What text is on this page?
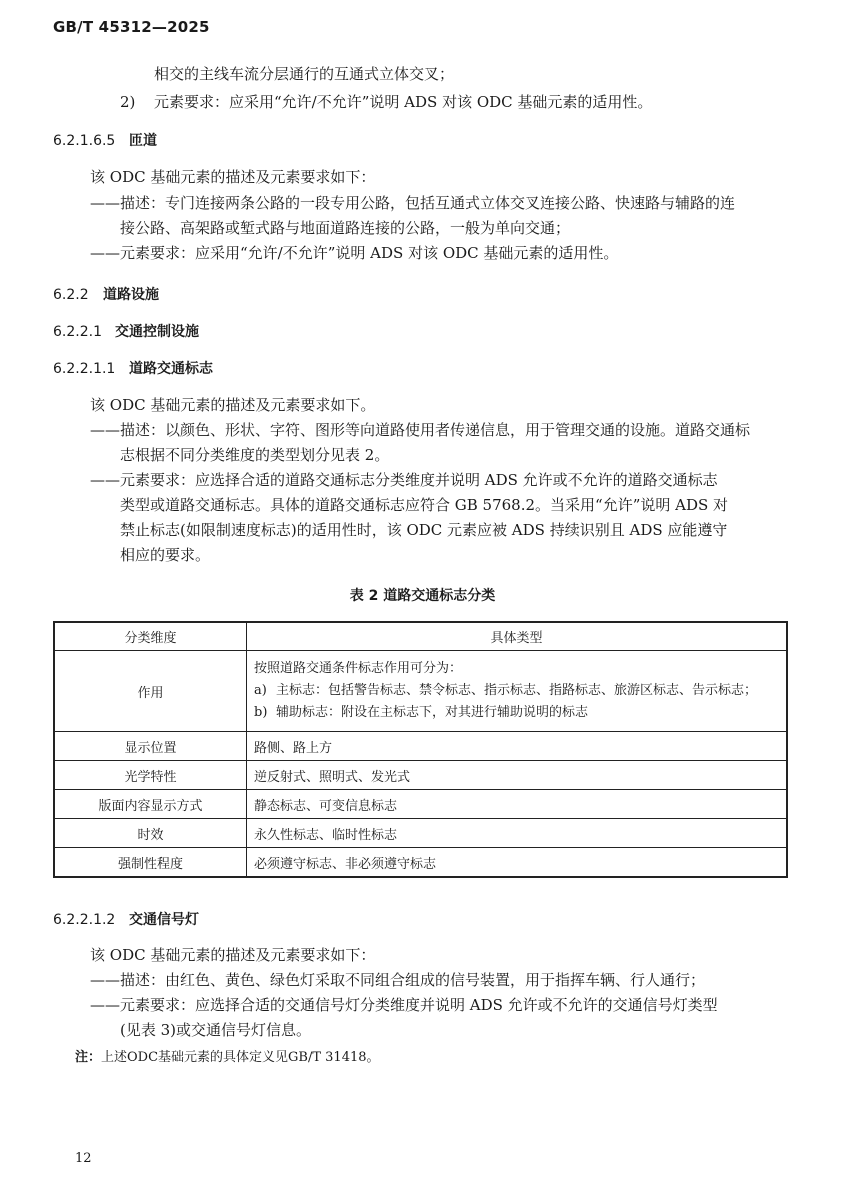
GB/T 45312—2025
相交的主线车流分层通行的互通式立体交叉；
2) 元素要求：应采用“允许/不允许”说明 ADS 对该 ODC 基础元素的适用性。
6.2.1.6.5 匝道
该 ODC 基础元素的描述及元素要求如下：
——描述：专门连接两条公路的一段专用公路，包括互通式立体交叉连接公路、快速路与辅路的连
接公路、高架路或堑式路与地面道路连接的公路，一般为单向交通；
——元素要求：应采用“允许/不允许”说明 ADS 对该 ODC 基础元素的适用性。
6.2.2 道路设施
6.2.2.1 交通控制设施
6.2.2.1.1 道路交通标志
该 ODC 基础元素的描述及元素要求如下。
——描述：以颜色、形状、字符、图形等向道路使用者传递信息，用于管理交通的设施。道路交通标
志根据不同分类维度的类型划分见表 2。
——元素要求：应选择合适的道路交通标志分类维度并说明 ADS 允许或不允许的道路交通标志
类型或道路交通标志。具体的道路交通标志应符合 GB 5768.2。当采用“允许”说明 ADS 对
禁止标志(如限制速度标志)的适用性时，该 ODC 元素应被 ADS 持续识别且 ADS 应能遵守
相应的要求。
表 2 道路交通标志分类
分类维度	具体类型
作用	按照道路交通条件标志作用可分为：
a) 主标志：包括警告标志、禁令标志、指示标志、指路标志、旅游区标志、告示标志；
b) 辅助标志：附设在主标志下，对其进行辅助说明的标志

显示位置	路侧、路上方
光学特性	逆反射式、照明式、发光式
版面内容显示方式	静态标志、可变信息标志
时效	永久性标志、临时性标志
强制性程度	必须遵守标志、非必须遵守标志
6.2.2.1.2 交通信号灯
该 ODC 基础元素的描述及元素要求如下：
——描述：由红色、黄色、绿色灯采取不同组合组成的信号装置，用于指挥车辆、行人通行；
——元素要求：应选择合适的交通信号灯分类维度并说明 ADS 允许或不允许的交通信号灯类型
(见表 3)或交通信号灯信息。
注：上述ODC基础元素的具体定义见GB/T 31418。
12
